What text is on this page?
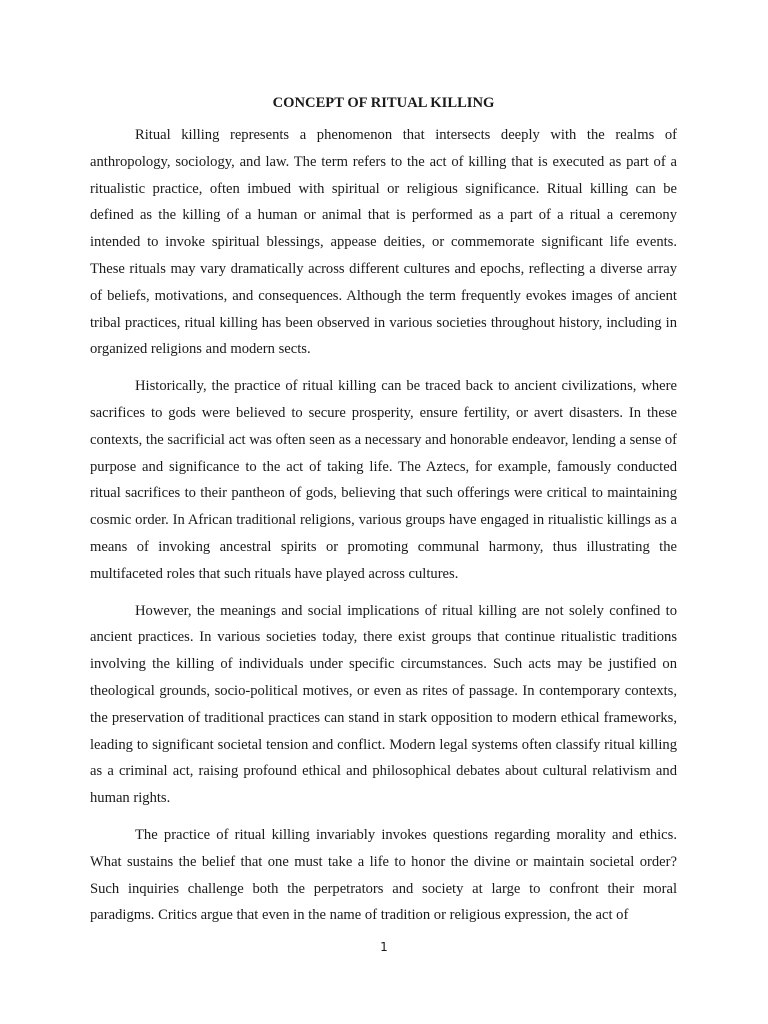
CONCEPT OF RITUAL KILLING

Ritual killing represents a phenomenon that intersects deeply with the realms of anthropology, sociology, and law. The term refers to the act of killing that is executed as part of a ritualistic practice, often imbued with spiritual or religious significance. Ritual killing can be defined as the killing of a human or animal that is performed as a part of a ritual a ceremony intended to invoke spiritual blessings, appease deities, or commemorate significant life events. These rituals may vary dramatically across different cultures and epochs, reflecting a diverse array of beliefs, motivations, and consequences. Although the term frequently evokes images of ancient tribal practices, ritual killing has been observed in various societies throughout history, including in organized religions and modern sects.

Historically, the practice of ritual killing can be traced back to ancient civilizations, where sacrifices to gods were believed to secure prosperity, ensure fertility, or avert disasters. In these contexts, the sacrificial act was often seen as a necessary and honorable endeavor, lending a sense of purpose and significance to the act of taking life. The Aztecs, for example, famously conducted ritual sacrifices to their pantheon of gods, believing that such offerings were critical to maintaining cosmic order. In African traditional religions, various groups have engaged in ritualistic killings as a means of invoking ancestral spirits or promoting communal harmony, thus illustrating the multifaceted roles that such rituals have played across cultures.

However, the meanings and social implications of ritual killing are not solely confined to ancient practices. In various societies today, there exist groups that continue ritualistic traditions involving the killing of individuals under specific circumstances. Such acts may be justified on theological grounds, socio-political motives, or even as rites of passage. In contemporary contexts, the preservation of traditional practices can stand in stark opposition to modern ethical frameworks, leading to significant societal tension and conflict. Modern legal systems often classify ritual killing as a criminal act, raising profound ethical and philosophical debates about cultural relativism and human rights.

The practice of ritual killing invariably invokes questions regarding morality and ethics. What sustains the belief that one must take a life to honor the divine or maintain societal order? Such inquiries challenge both the perpetrators and society at large to confront their moral paradigms. Critics argue that even in the name of tradition or religious expression, the act of

1
